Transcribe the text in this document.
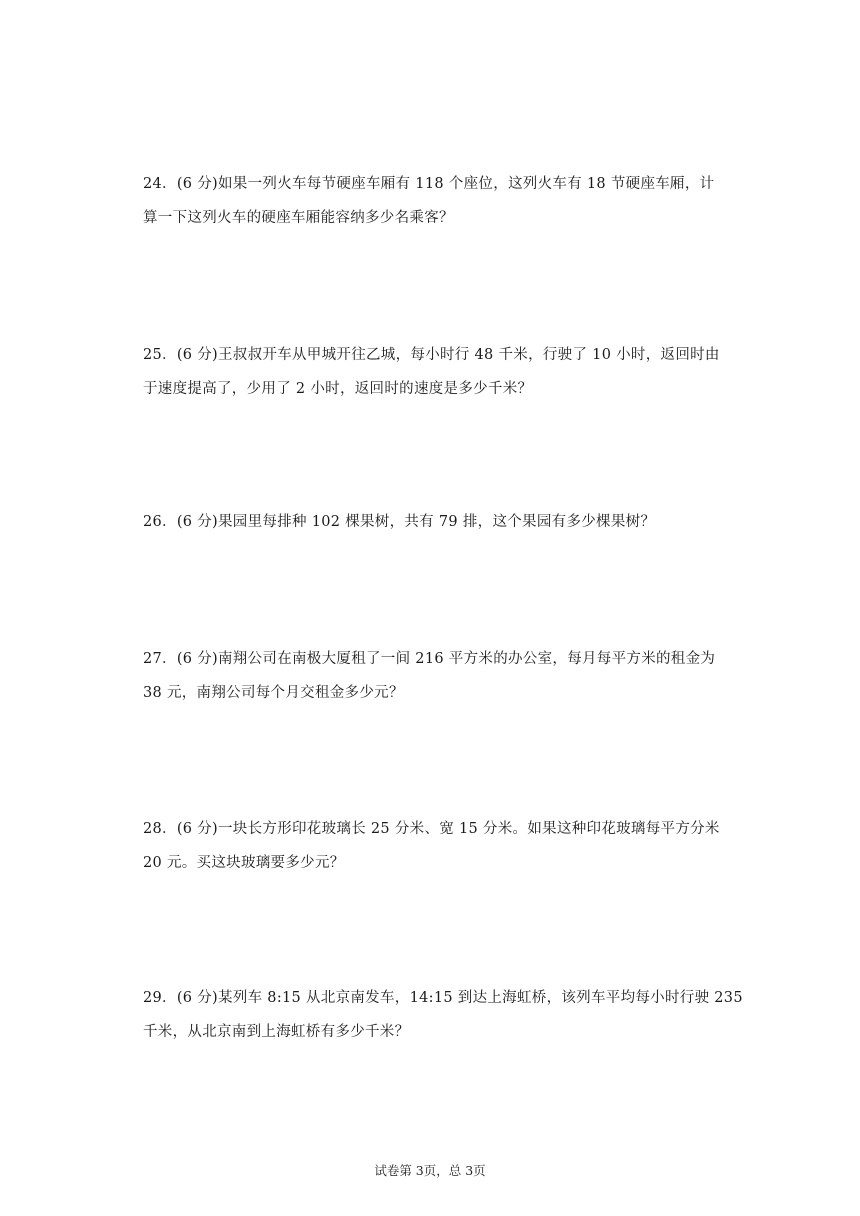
24．(6 分)如果一列火车每节硬座车厢有 118 个座位，这列火车有 18 节硬座车厢，计
算一下这列火车的硬座车厢能容纳多少名乘客？
25．(6 分)王叔叔开车从甲城开往乙城，每小时行 48 千米，行驶了 10 小时，返回时由
于速度提高了，少用了 2 小时，返回时的速度是多少千米？
26．(6 分)果园里每排种 102 棵果树，共有 79 排，这个果园有多少棵果树？
27．(6 分)南翔公司在南极大厦租了一间 216 平方米的办公室，每月每平方米的租金为
38 元，南翔公司每个月交租金多少元？
28．(6 分)一块长方形印花玻璃长 25 分米、宽 15 分米。如果这种印花玻璃每平方分米
20 元。买这块玻璃要多少元？
29．(6 分)某列车 8:15 从北京南发车，14:15 到达上海虹桥，该列车平均每小时行驶 235
千米，从北京南到上海虹桥有多少千米？
试卷第 3页，总 3页
